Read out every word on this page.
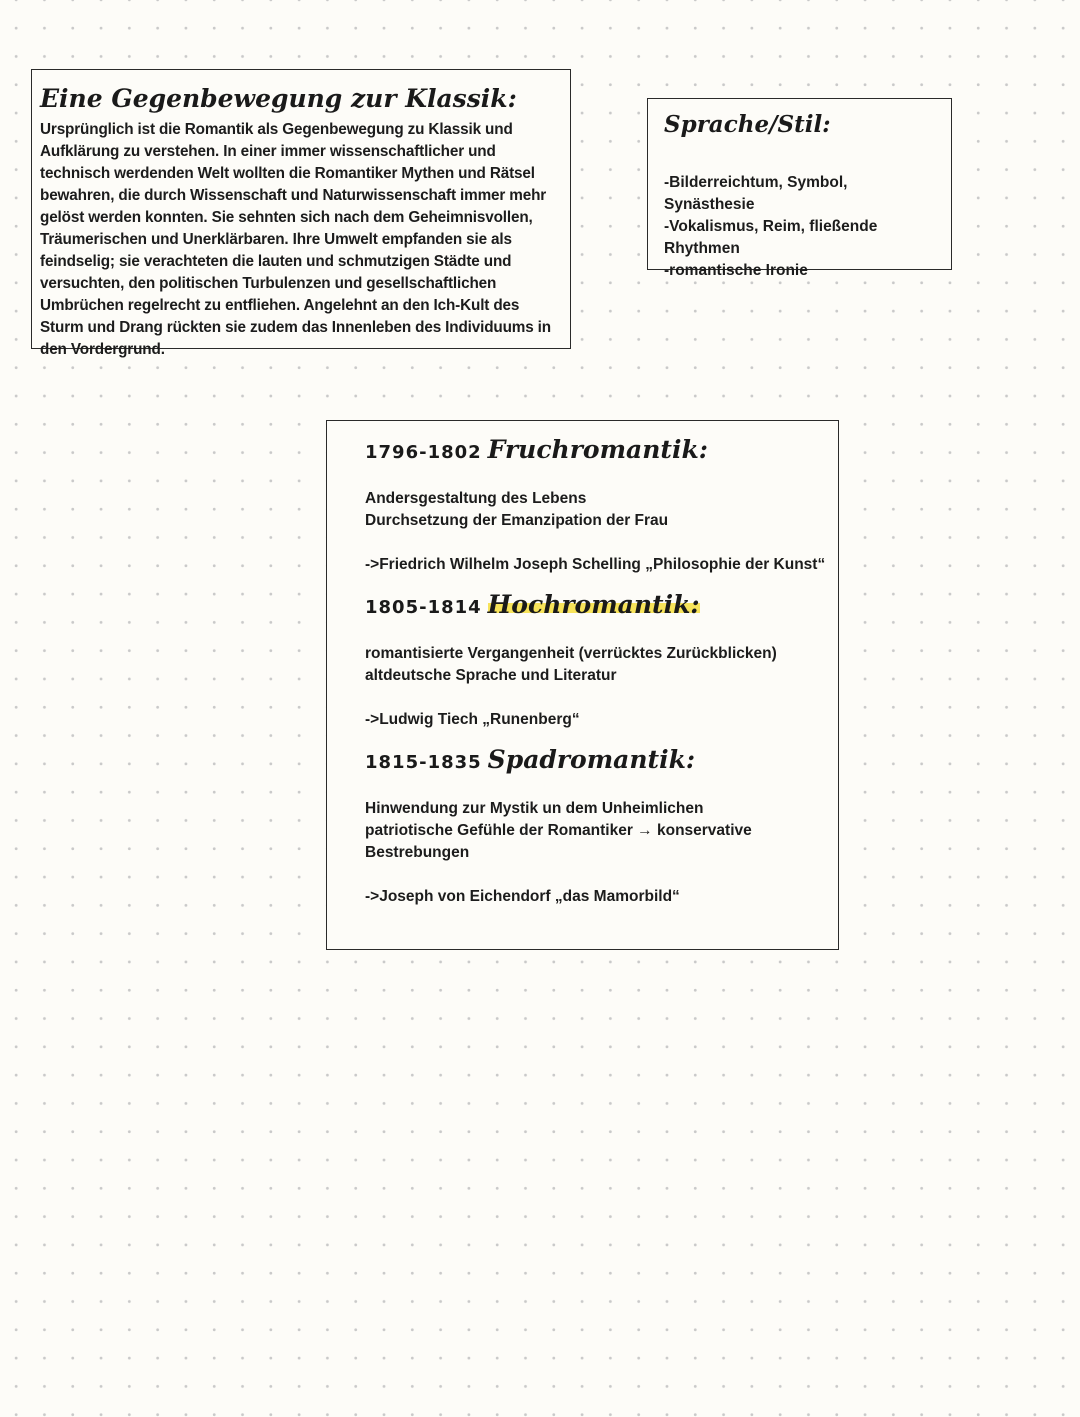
Eine Gegenbewegung zur Klassik:
Ursprünglich ist die Romantik als Gegenbewegung zu Klassik und Aufklärung zu verstehen. In einer immer wissenschaftlicher und technisch werdenden Welt wollten die Romantiker Mythen und Rätsel bewahren, die durch Wissenschaft und Naturwissenschaft immer mehr gelöst werden konnten. Sie sehnten sich nach dem Geheimnisvollen, Träumerischen und Unerklärbaren. Ihre Umwelt empfanden sie als feindselig; sie verachteten die lauten und schmutzigen Städte und versuchten, den politischen Turbulenzen und gesellschaftlichen Umbrüchen regelrecht zu entfliehen. Angelehnt an den Ich-Kult des Sturm und Drang rückten sie zudem das Innenleben des Individuums in den Vordergrund.
Sprache/Stil:
-Bilderreichtum, Symbol, Synästhesie
-Vokalismus, Reim, fließende Rhythmen
-romantische Ironie
1796-1802 Fruchromantik:
Andersgestaltung des Lebens
Durchsetzung der Emanzipation der Frau
->Friedrich Wilhelm Joseph Schelling „Philosophie der Kunst“
1805-1814 Hochromantik:
romantisierte Vergangenheit (verrücktes Zurückblicken)
altdeutsche Sprache und Literatur
->Ludwig Tiech „Runenberg“
1815-1835 Spadromantik:
Hinwendung zur Mystik un dem Unheimlichen
patriotische Gefühle der Romantiker → konservative Bestrebungen
->Joseph von Eichendorf „das Mamorbild“
